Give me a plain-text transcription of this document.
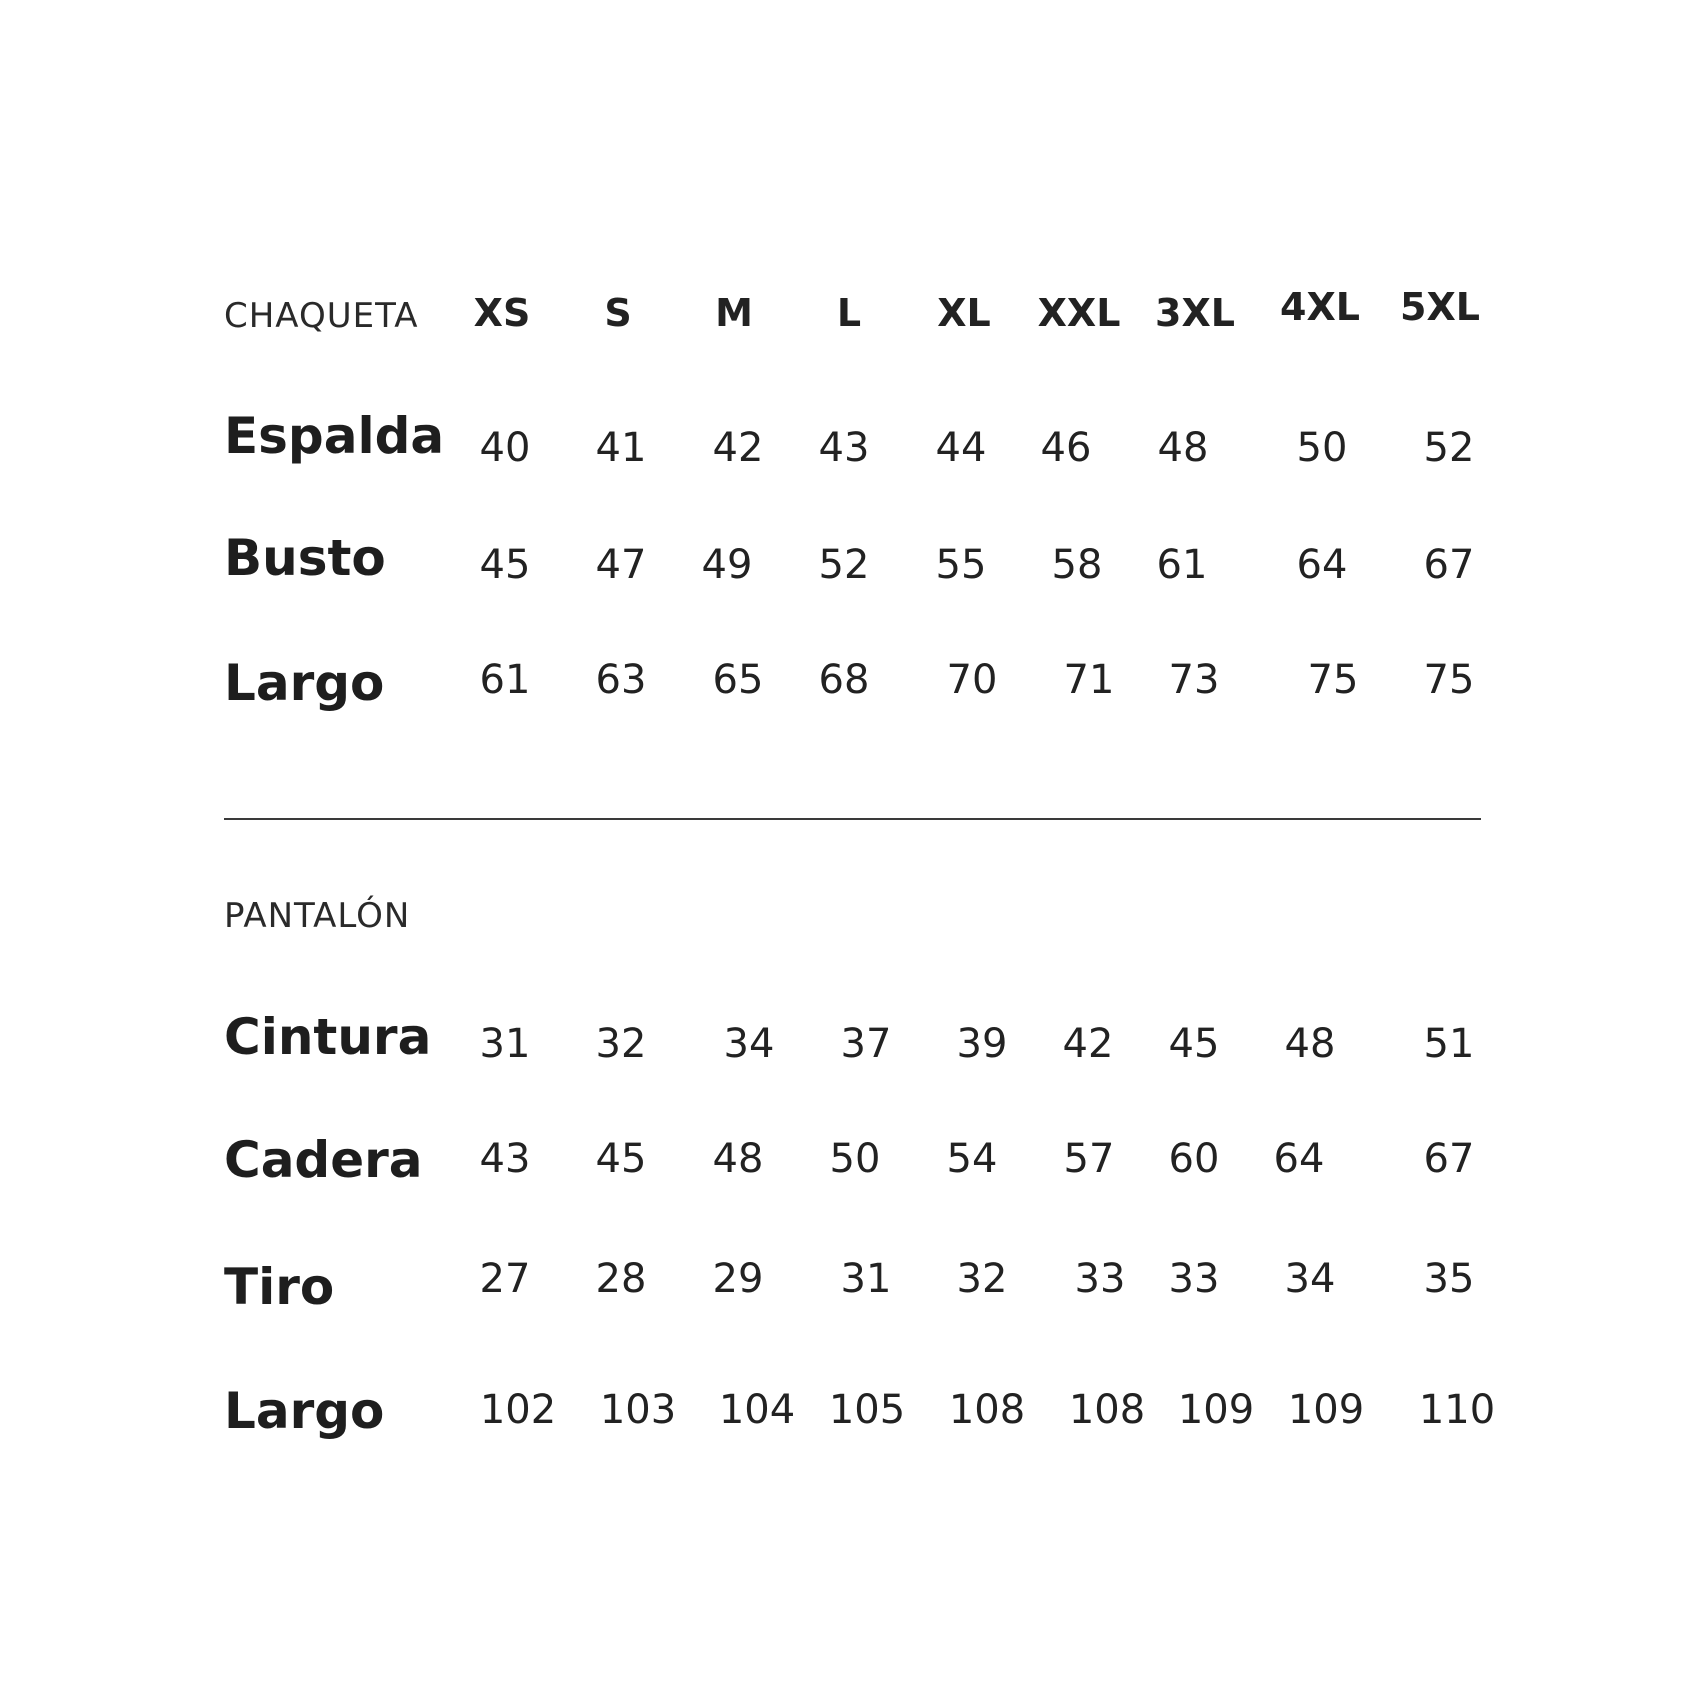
CHAQUETA XS S M L XL XXL 3XL 4XL 5XL
Espalda 40 41 42 43 44 46 48 50 52
Busto 45 47 49 52 55 58 61 64 67
Largo 61 63 65 68 70 71 73 75 75
PANTALÓN
Cintura 31 32 34 37 39 42 45 48 51
Cadera 43 45 48 50 54 57 60 64 67
Tiro	27 28 29 31 32 33 33 34 35
Largo 102 103 104 105 108 108 109 109 110
